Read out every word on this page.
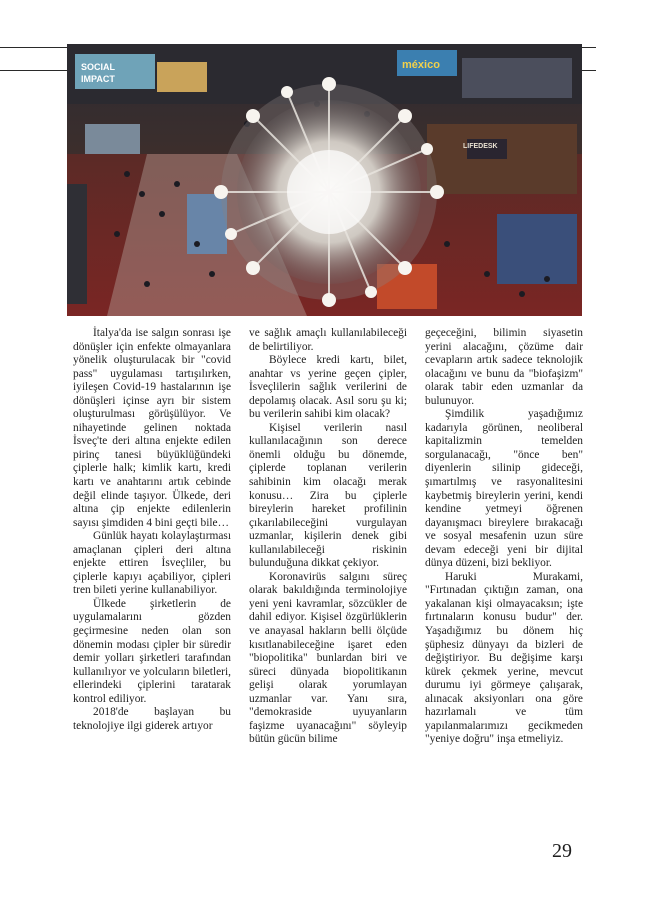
SOCIAL
IMPACT
méxico
LIFEDESK

İtalya'da ise salgın sonrası işe dönüşler için enfekte olmayanlara yönelik oluşturulacak bir "covid pass" uygulaması tartışılırken, iyileşen Covid-19 hastalarının işe dönüşleri içinse ayrı bir sistem oluşturulması görüşülüyor. Ve nihayetinde gelinen noktada İsveç'te deri altına enjekte edilen pirinç tanesi büyüklüğündeki çiplerle halk; kimlik kartı, kredi kartı ve anahtarını artık cebinde değil elinde taşıyor. Ülkede, deri altına çip enjekte edilenlerin sayısı şimdiden 4 bini geçti bile…

Günlük hayatı kolaylaştırması amaçlanan çipleri deri altına enjekte ettiren İsveçliler, bu çiplerle kapıyı açabiliyor, çipleri tren bileti yerine kullanabiliyor.

Ülkede şirketlerin de uygulamalarını gözden geçirmesine neden olan son dönemin modası çipler bir süredir demir yolları şirketleri tarafından kullanılıyor ve yolcuların biletleri, ellerindeki çiplerini taratarak kontrol ediliyor.

2018'de başlayan bu teknolojiye ilgi giderek artıyor

ve sağlık amaçlı kullanılabileceği de belirtiliyor.

Böylece kredi kartı, bilet, anahtar vs yerine geçen çipler, İsveçlilerin sağlık verilerini de depolamış olacak. Asıl soru şu ki; bu verilerin sahibi kim olacak?

Kişisel verilerin nasıl kullanılacağının son derece önemli olduğu bu dönemde, çiplerde toplanan verilerin sahibinin kim olacağı merak konusu… Zira bu çiplerle bireylerin hareket profilinin çıkarılabileceğini vurgulayan uzmanlar, kişilerin denek gibi kullanılabileceği riskinin bulunduğuna dikkat çekiyor.

Koronavirüs salgını süreç olarak bakıldığında terminolojiye yeni yeni kavramlar, sözcükler de dahil ediyor. Kişisel özgürlüklerin ve anayasal hakların belli ölçüde kısıtlanabileceğine işaret eden "biopolitika" bunlardan biri ve süreci dünyada biopolitikanın gelişi olarak yorumlayan uzmanlar var. Yanı sıra, "demokraside uyuyanların faşizme uyanacağını" söyleyip bütün gücün bilime

geçeceğini, bilimin siyasetin yerini alacağını, çözüme dair cevapların artık sadece teknolojik olacağını ve bunu da "biofaşizm" olarak tabir eden uzmanlar da bulunuyor.

Şimdilik yaşadığımız kadarıyla görünen, neoliberal kapitalizmin temelden sorgulanacağı, "önce ben" diyenlerin silinip gideceği, şımartılmış ve rasyonalitesini kaybetmiş bireylerin yerini, kendi kendine yetmeyi öğrenen dayanışmacı bireylere bırakacağı ve sosyal mesafenin uzun süre devam edeceği yeni bir dijital dünya düzeni, bizi bekliyor.

Haruki Murakami, "Fırtınadan çıktığın zaman, ona yakalanan kişi olmayacaksın; işte fırtınaların konusu budur" der. Yaşadığımız bu dönem hiç şüphesiz dünyayı da bizleri de değiştiriyor. Bu değişime karşı kürek çekmek yerine, mevcut durumu iyi görmeye çalışarak, alınacak aksiyonları ona göre hazırlamalı ve tüm yapılanmalarımızı gecikmeden "yeniye doğru" inşa etmeliyiz.

29
